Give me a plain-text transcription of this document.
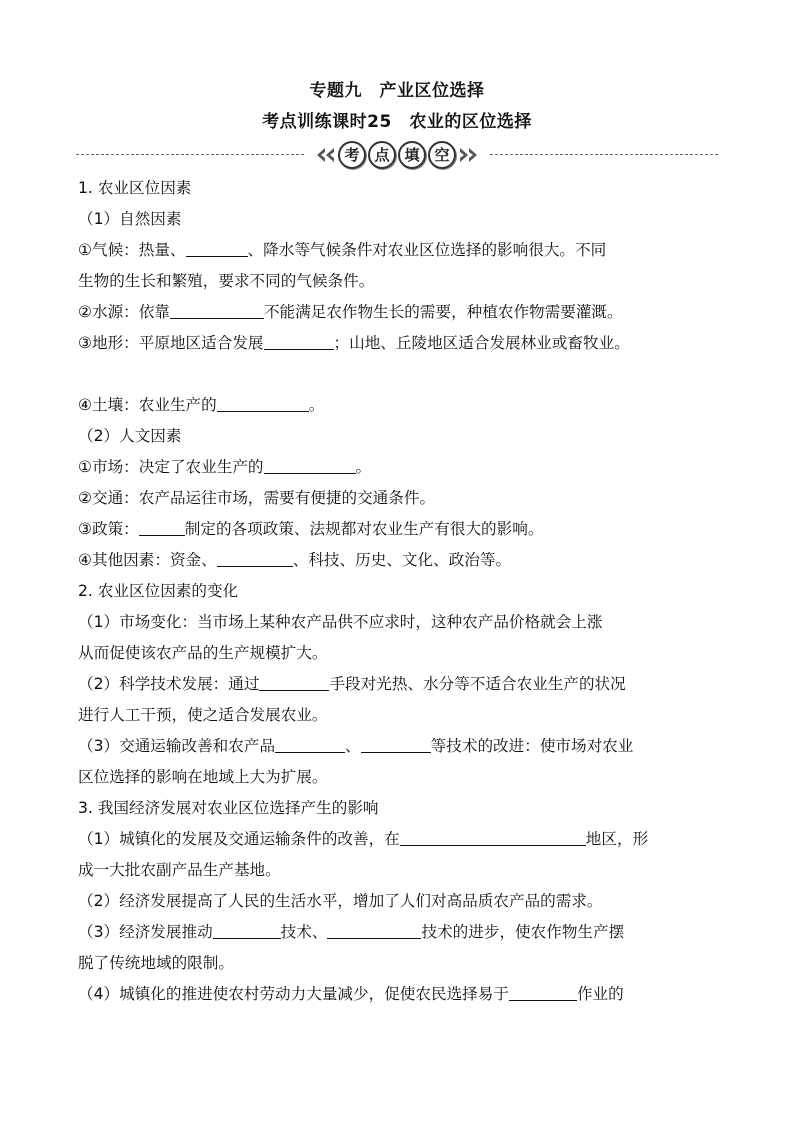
专题九　产业区位选择
考点训练课时25　农业的区位选择
考 点 填 空
1. 农业区位因素
（1）自然因素
①气候：热量、	、降水等气候条件对农业区位选择的影响很大。不同
生物的生长和繁殖，要求不同的气候条件。
②水源：依靠	不能满足农作物生长的需要，种植农作物需要灌溉。
③地形：平原地区适合发展	；山地、丘陵地区适合发展林业或畜牧业。
④土壤：农业生产的	。
（2）人文因素
①市场：决定了农业生产的	。
②交通：农产品运往市场，需要有便捷的交通条件。
③政策：	制定的各项政策、法规都对农业生产有很大的影响。
④其他因素：资金、	、科技、历史、文化、政治等。
2. 农业区位因素的变化
（1）市场变化：当市场上某种农产品供不应求时，这种农产品价格就会上涨
从而促使该农产品的生产规模扩大。
（2）科学技术发展：通过	手段对光热、水分等不适合农业生产的状况
进行人工干预，使之适合发展农业。
（3）交通运输改善和农产品	、	等技术的改进：使市场对农业
区位选择的影响在地域上大为扩展。
3. 我国经济发展对农业区位选择产生的影响
（1）城镇化的发展及交通运输条件的改善，在	地区，形
成一大批农副产品生产基地。
（2）经济发展提高了人民的生活水平，增加了人们对高品质农产品的需求。
（3）经济发展推动	技术、	技术的进步，使农作物生产摆
脱了传统地域的限制。
（4）城镇化的推进使农村劳动力大量减少，促使农民选择易于	作业的
